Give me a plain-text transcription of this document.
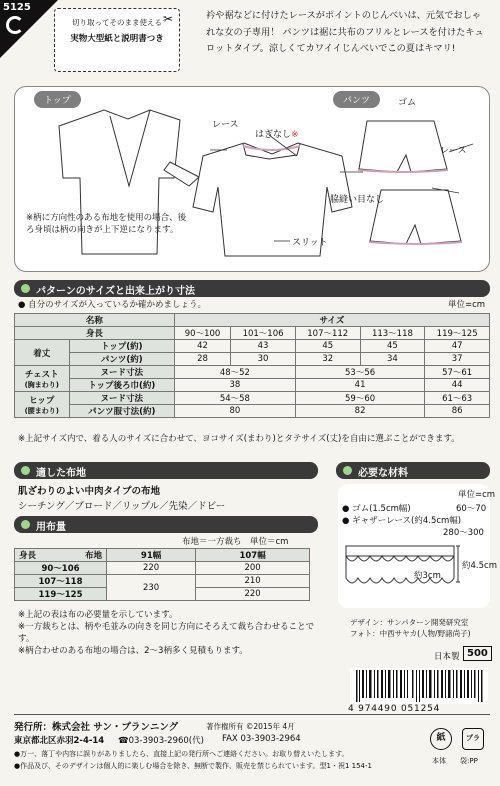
5125
切り取ってそのまま使える
実物大型紙と説明書つき
✂	衿や裾などに付けたレースがポイントのじんべいは、元気でおしゃれな女の子専用！ パンツは裾に共布のフリルとレースを付けたキュロットタイプ。涼しくてカワイイじんべいでこの夏はキマリ!
トップ	パンツ
レース
はぎなし※
スリット
ゴム
レース
脇縫い目なし
※柄に方向性のある布地を使用の場合、後ろ身頃は柄の向きが上下逆になります。
パターンのサイズと出来上がり寸法
● 自分のサイズが入っているか確かめましょう。	単位=cm
名称		サイズ				
身長		90〜100	101〜106	107〜112	113〜118	119〜125
着丈	トップ(約)	42	43	45	45	47
	パンツ(約)	28	30	32	34	37
チェスト
(胸まわり)	ヌード寸法	48〜52		53〜56		57〜61
	トップ後ろ巾(約)	38		41		44
ヒップ
(腰まわり)	ヌード寸法	54〜58		59〜60		61〜63
	パンツ服寸法(約)	80		82		86
※上記サイズ内で、着る人のサイズに合わせて、ヨコサイズ(まわり)とタテサイズ(丈)を自由に選ぶことができます。
適した布地
肌ざわりのよい中肉タイプの布地
シーチング／ブロード／リップル／先染／ドビー
必要な材料
単位=cm
● ゴム(1.5cm幅)	60〜70
● ギャザーレース(約4.5cm幅)
280〜300
約4.5cm
約3cm
用布量
布地＝一方裁ち　単位＝cm
身長 布地	91幅	107幅
90〜106	220	200
107〜118	230	210
119〜125		220
※上記の表は布の必要量を示しています。
※一方裁ちとは、柄や毛並みの向きを同じ方向にそろえて裁ち合わせることです。
※柄合わせのある布地の場合は、2〜3柄多く見積もります。
デザイン：サンパターン開発研究室
フォト：中西サヤカ(人物/野諸尚子)
日本製 500
4 974490 051254
発行所：株式会社 サン・プランニング	著作権所有 ©2015年 4月
東京都北区赤羽2-4-14 ☎03-3903-2960(代) FAX 03-3903-2964
●万一、落丁や内容に誤りがありましたら、直接上記の発行所へご連絡ください。お取り替えいたします。
●作品及び、そのデザインは個人的に楽しむ場合を除き、無断で製作、販売を禁じられています。型1・祝1 154-1
紙	プラ
本体 袋:PP
